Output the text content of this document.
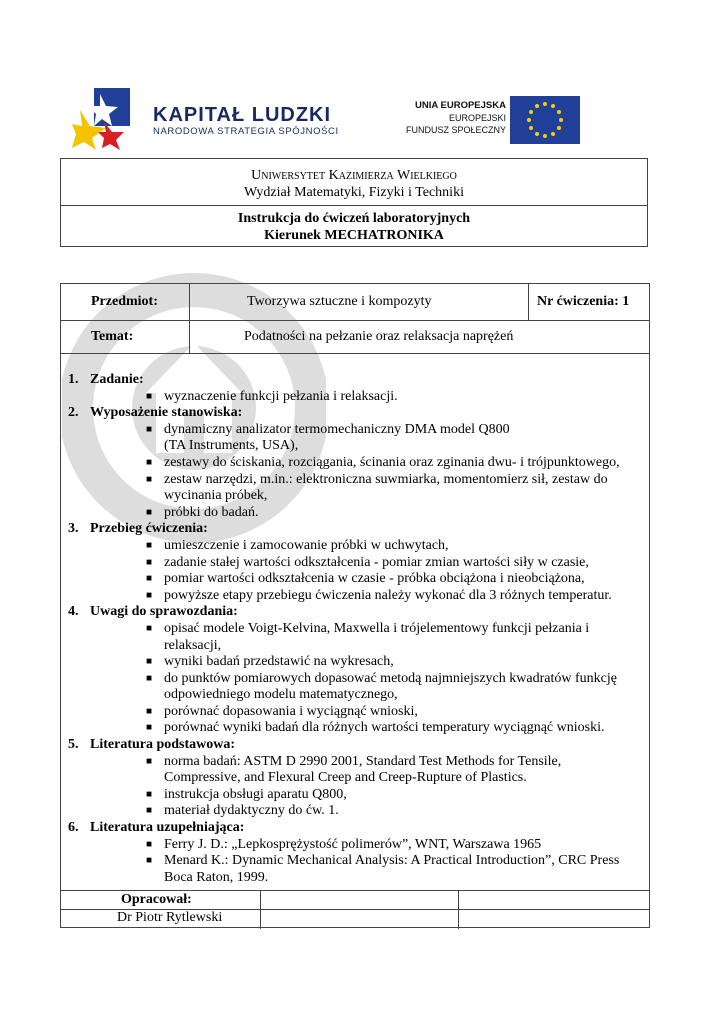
KAPITAŁ LUDZKI
NARODOWA STRATEGIA SPÓJNOŚCI
UNIA EUROPEJSKA
EUROPEJSKI
FUNDUSZ SPOŁECZNY
Uniwersytet Kazimierza Wielkiego
Wydział Matematyki, Fizyki i Techniki
Instrukcja do ćwiczeń laboratoryjnych
Kierunek MECHATRONIKA
Przedmiot:	Tworzywa sztuczne i kompozyty	Nr ćwiczenia: 1
Temat:	Podatności na pełzanie oraz relaksacja naprężeń
Opracował:
Dr Piotr Rytlewski
1. Zadanie:
■ wyznaczenie funkcji pełzania i relaksacji.
2. Wyposażenie stanowiska:
■ dynamiczny analizator termomechaniczny DMA model Q800 (TA Instruments, USA),
■ zestawy do ściskania, rozciągania, ścinania oraz zginania dwu- i trójpunktowego,
■ zestaw narzędzi, m.in.: elektroniczna suwmiarka, momentomierz sił, zestaw do wycinania próbek,
■ próbki do badań.
3. Przebieg ćwiczenia:
■ umieszczenie i zamocowanie próbki w uchwytach,
■ zadanie stałej wartości odkształcenia - pomiar zmian wartości siły w czasie,
■ pomiar wartości odkształcenia w czasie - próbka obciążona i nieobciążona,
■ powyższe etapy przebiegu ćwiczenia należy wykonać dla 3 różnych temperatur.
4. Uwagi do sprawozdania:
■ opisać modele Voigt-Kelvina, Maxwella i trójelementowy funkcji pełzania i relaksacji,
■ wyniki badań przedstawić na wykresach,
■ do punktów pomiarowych dopasować metodą najmniejszych kwadratów funkcję odpowiedniego modelu matematycznego,
■ porównać dopasowania i wyciągnąć wnioski,
■ porównać wyniki badań dla różnych wartości temperatury wyciągnąć wnioski.
5. Literatura podstawowa:
■ norma badań: ASTM D 2990 2001, Standard Test Methods for Tensile, Compressive, and Flexural Creep and Creep-Rupture of Plastics.
■ instrukcja obsługi aparatu Q800,
■ materiał dydaktyczny do ćw. 1.
6. Literatura uzupełniająca:
■ Ferry J. D.: „Lepkosprężystość polimerów”, WNT, Warszawa 1965
■ Menard K.: Dynamic Mechanical Analysis: A Practical Introduction”, CRC Press Boca Raton, 1999.
